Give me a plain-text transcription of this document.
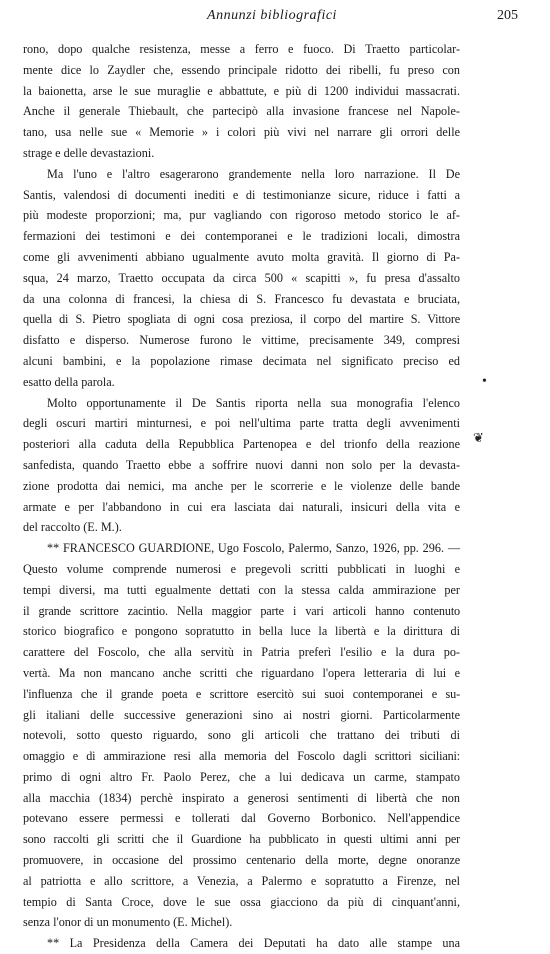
Annunzi bibliografici	205
rono, dopo qualche resistenza, messe a ferro e fuoco. Di Traetto particolar-
mente dice lo Zaydler che, essendo principale ridotto dei ribelli, fu preso con
la baionetta, arse le sue muraglie e abbattute, e più di 1200 individui massacrati.
Anche il generale Thiebault, che partecipò alla invasione francese nel Napole-
tano, usa nelle sue « Memorie » i colori più vivi nel narrare gli orrori delle
strage e delle devastazioni.
Ma l'uno e l'altro esagerarono grandemente nella loro narrazione. Il De
Santis, valendosi di documenti inediti e di testimonianze sicure, riduce i fatti a
più modeste proporzioni; ma, pur vagliando con rigoroso metodo storico le af-
fermazioni dei testimoni e dei contemporanei e le tradizioni locali, dimostra
come gli avvenimenti abbiano ugualmente avuto molta gravità. Il giorno di Pa-
squa, 24 marzo, Traetto occupata da circa 500 « scapitti », fu presa d'assalto
da una colonna di francesi, la chiesa di S. Francesco fu devastata e bruciata,
quella di S. Pietro spogliata di ogni cosa preziosa, il corpo del martire S. Vittore
disfatto e disperso. Numerose furono le vittime, precisamente 349, compresi
alcuni bambini, e la popolazione rimase decimata nel significato preciso ed
esatto della parola.
Molto opportunamente il De Santis riporta nella sua monografia l'elenco
degli oscuri martiri minturnesi, e poi nell'ultima parte tratta degli avvenimenti
posteriori alla caduta della Repubblica Partenopea e del trionfo della reazione
sanfedista, quando Traetto ebbe a soffrire nuovi danni non solo per la devasta-
zione prodotta dai nemici, ma anche per le scorrerie e le violenze delle bande
armate e per l'abbandono in cui era lasciata dai naturali, insicuri della vita e
del raccolto (E. M.).
** FRANCESCO GUARDIONE, Ugo Foscolo, Palermo, Sanzo, 1926, pp. 296. —
Questo volume comprende numerosi e pregevoli scritti pubblicati in luoghi e
tempi diversi, ma tutti egualmente dettati con la stessa calda ammirazione per
il grande scrittore zacintio. Nella maggior parte i vari articoli hanno contenuto
storico biografico e pongono sopratutto in bella luce la libertà e la dirittura di
carattere del Foscolo, che alla servitù in Patria preferì l'esilio e la dura po-
vertà. Ma non mancano anche scritti che riguardano l'opera letteraria di lui e
l'influenza che il grande poeta e scrittore esercitò sui suoi contemporanei e su-
gli italiani delle successive generazioni sino ai nostri giorni. Particolarmente
notevoli, sotto questo riguardo, sono gli articoli che trattano dei tributi di
omaggio e di ammirazione resi alla memoria del Foscolo dagli scrittori siciliani:
primo di ogni altro Fr. Paolo Perez, che a lui dedicava un carme, stampato
alla macchia (1834) perchè inspirato a generosi sentimenti di libertà che non
potevano essere permessi e tollerati dal Governo Borbonico. Nell'appendice
sono raccolti gli scritti che il Guardione ha pubblicato in questi ultimi anni per
promuovere, in occasione del prossimo centenario della morte, degne onoranze
al patriotta e allo scrittore, a Venezia, a Palermo e sopratutto a Firenze, nel
tempio di Santa Croce, dove le sue ossa giacciono da più di cinquant'anni,
senza l'onor di un monumento (E. Michel).
** La Presidenza della Camera dei Deputati ha dato alle stampe una
•
❦
